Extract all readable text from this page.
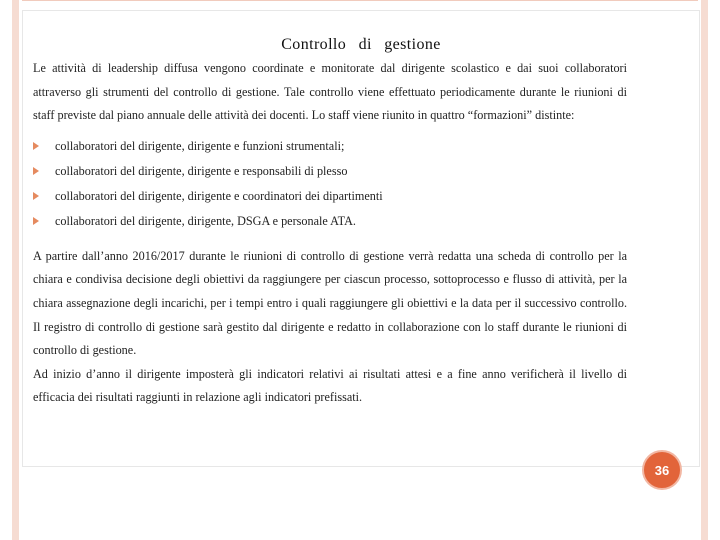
Controllo di gestione

Le attività di leadership diffusa vengono coordinate e monitorate dal dirigente scolastico e dai suoi collaboratori attraverso gli strumenti del controllo di gestione. Tale controllo viene effettuato periodicamente durante le riunioni di staff previste dal piano annuale delle attività dei docenti. Lo staff viene riunito in quattro “formazioni” distinte:

collaboratori del dirigente, dirigente e funzioni strumentali;
collaboratori del dirigente, dirigente e responsabili di plesso
collaboratori del dirigente, dirigente e coordinatori dei dipartimenti
collaboratori del dirigente, dirigente, DSGA e personale ATA.

A partire dall’anno 2016/2017 durante le riunioni di controllo di gestione verrà redatta una scheda di controllo per la chiara e condivisa decisione degli obiettivi da raggiungere per ciascun processo, sottoprocesso e flusso di attività, per la chiara assegnazione degli incarichi, per i tempi entro i quali raggiungere gli obiettivi e la data per il successivo controllo. Il registro di controllo di gestione sarà gestito dal dirigente e redatto in collaborazione con lo staff durante le riunioni di controllo di gestione.

Ad inizio d’anno il dirigente imposterà gli indicatori relativi ai risultati attesi e a fine anno verificherà il livello di efficacia dei risultati raggiunti in relazione agli indicatori prefissati.

36
